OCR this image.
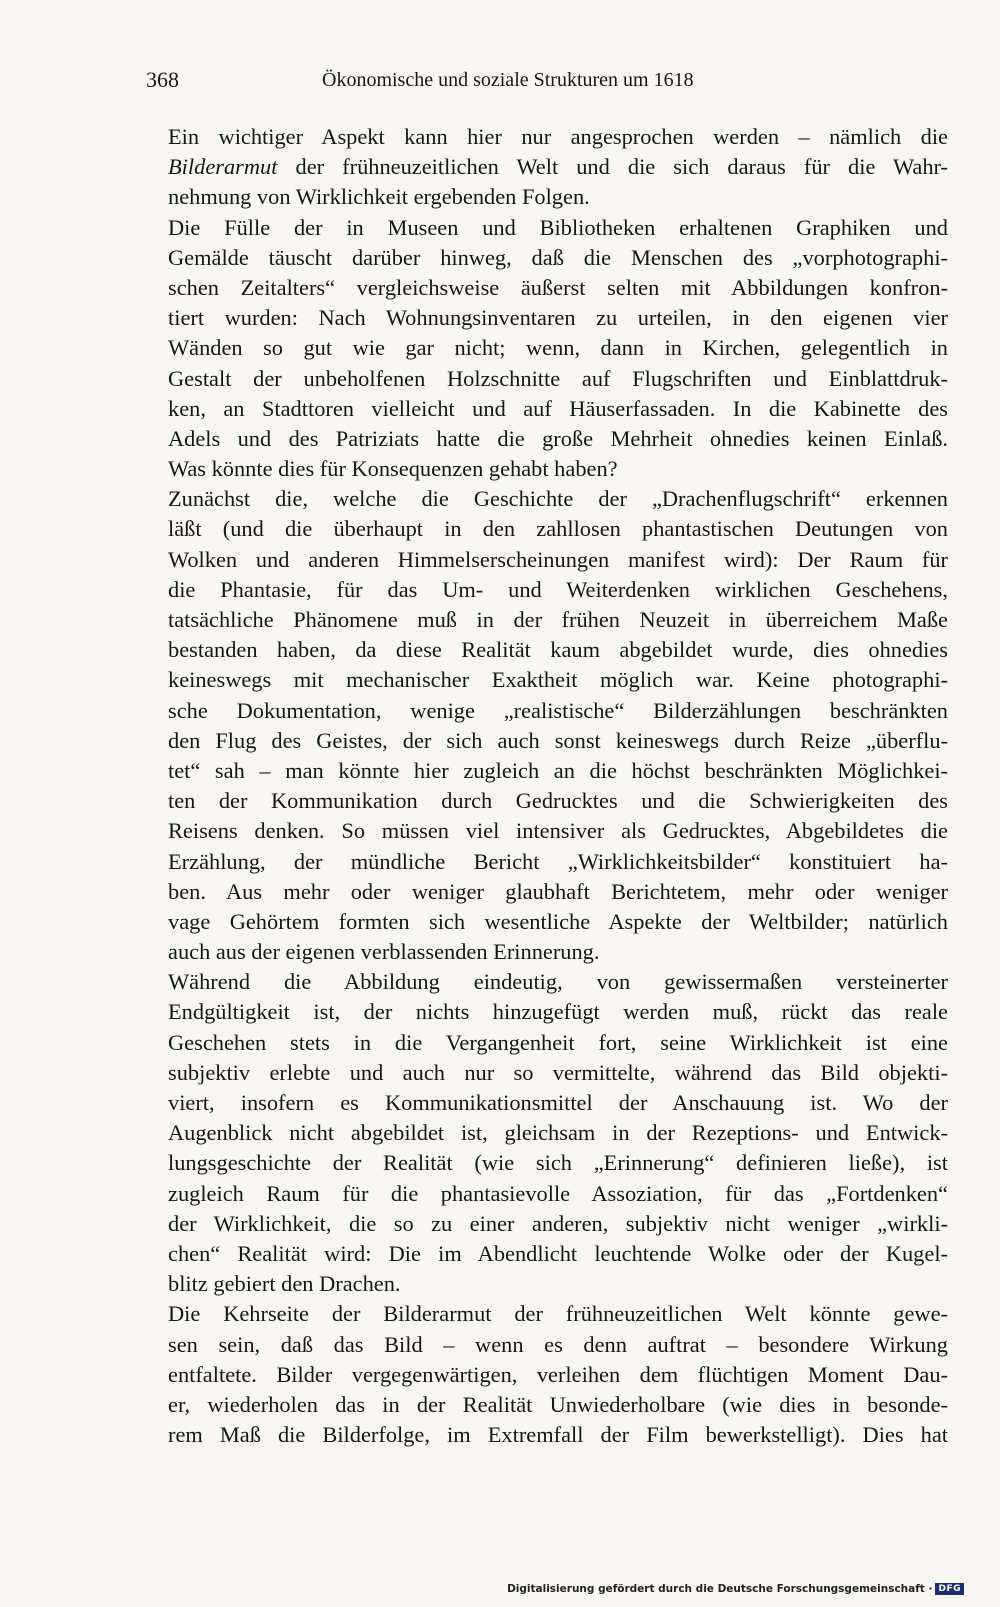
368	Ökonomische und soziale Strukturen um 1618
Ein wichtiger Aspekt kann hier nur angesprochen werden – nämlich die
Bilderarmut der frühneuzeitlichen Welt und die sich daraus für die Wahr-
nehmung von Wirklichkeit ergebenden Folgen.
Die Fülle der in Museen und Bibliotheken erhaltenen Graphiken und
Gemälde täuscht darüber hinweg, daß die Menschen des „vorphotographi-
schen Zeitalters“ vergleichsweise äußerst selten mit Abbildungen konfron-
tiert wurden: Nach Wohnungsinventaren zu urteilen, in den eigenen vier
Wänden so gut wie gar nicht; wenn, dann in Kirchen, gelegentlich in
Gestalt der unbeholfenen Holzschnitte auf Flugschriften und Einblattdruk-
ken, an Stadttoren vielleicht und auf Häuserfassaden. In die Kabinette des
Adels und des Patriziats hatte die große Mehrheit ohnedies keinen Einlaß.
Was könnte dies für Konsequenzen gehabt haben?
Zunächst die, welche die Geschichte der „Drachenflugschrift“ erkennen
läßt (und die überhaupt in den zahllosen phantastischen Deutungen von
Wolken und anderen Himmelserscheinungen manifest wird): Der Raum für
die Phantasie, für das Um- und Weiterdenken wirklichen Geschehens,
tatsächliche Phänomene muß in der frühen Neuzeit in überreichem Maße
bestanden haben, da diese Realität kaum abgebildet wurde, dies ohnedies
keineswegs mit mechanischer Exaktheit möglich war. Keine photographi-
sche Dokumentation, wenige „realistische“ Bilderzählungen beschränkten
den Flug des Geistes, der sich auch sonst keineswegs durch Reize „überflu-
tet“ sah – man könnte hier zugleich an die höchst beschränkten Möglichkei-
ten der Kommunikation durch Gedrucktes und die Schwierigkeiten des
Reisens denken. So müssen viel intensiver als Gedrucktes, Abgebildetes die
Erzählung, der mündliche Bericht „Wirklichkeitsbilder“ konstituiert ha-
ben. Aus mehr oder weniger glaubhaft Berichtetem, mehr oder weniger
vage Gehörtem formten sich wesentliche Aspekte der Weltbilder; natürlich
auch aus der eigenen verblassenden Erinnerung.
Während die Abbildung eindeutig, von gewissermaßen versteinerter
Endgültigkeit ist, der nichts hinzugefügt werden muß, rückt das reale
Geschehen stets in die Vergangenheit fort, seine Wirklichkeit ist eine
subjektiv erlebte und auch nur so vermittelte, während das Bild objekti-
viert, insofern es Kommunikationsmittel der Anschauung ist. Wo der
Augenblick nicht abgebildet ist, gleichsam in der Rezeptions- und Entwick-
lungsgeschichte der Realität (wie sich „Erinnerung“ definieren ließe), ist
zugleich Raum für die phantasievolle Assoziation, für das „Fortdenken“
der Wirklichkeit, die so zu einer anderen, subjektiv nicht weniger „wirkli-
chen“ Realität wird: Die im Abendlicht leuchtende Wolke oder der Kugel-
blitz gebiert den Drachen.
Die Kehrseite der Bilderarmut der frühneuzeitlichen Welt könnte gewe-
sen sein, daß das Bild – wenn es denn auftrat – besondere Wirkung
entfaltete. Bilder vergegenwärtigen, verleihen dem flüchtigen Moment Dau-
er, wiederholen das in der Realität Unwiederholbare (wie dies in besonde-
rem Maß die Bilderfolge, im Extremfall der Film bewerkstelligt). Dies hat
Digitalisierung gefördert durch die Deutsche Forschungsgemeinschaft · DFG
